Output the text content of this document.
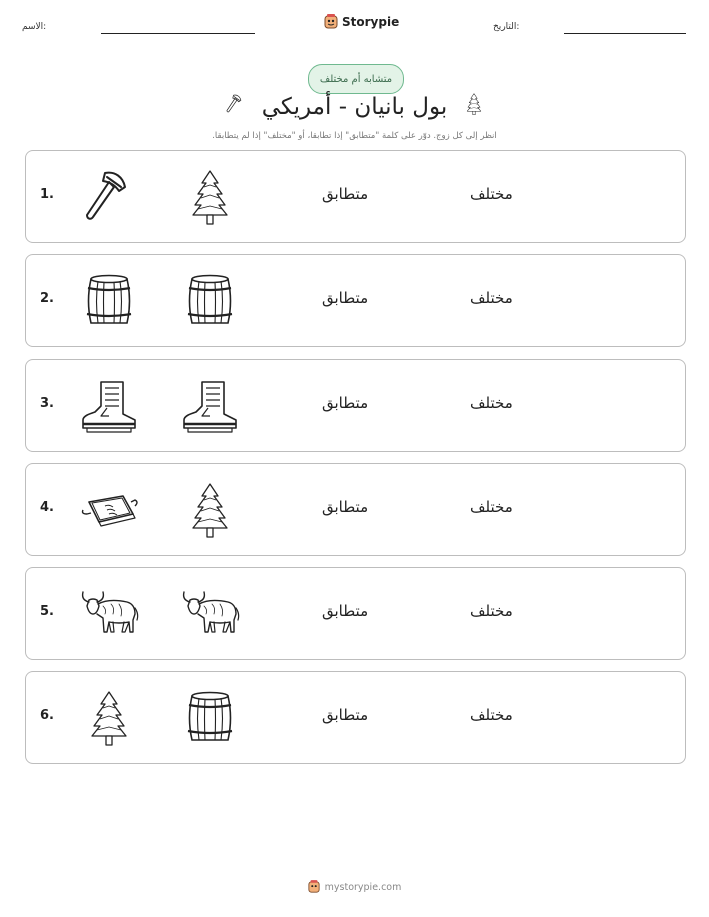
الاسم:	Storypie	التاريخ:
متشابه أم مختلف
بول بانيان - أمريكي
انظر إلى كل زوج. دوّر على كلمة "متطابق" إذا تطابقا، أو "مختلف" إذا لم يتطابقا.
1.	متطابق	مختلف
2.	متطابق	مختلف
3.	متطابق	مختلف
4.	متطابق	مختلف
5.	متطابق	مختلف
6.	متطابق	مختلف
mystorypie.com
